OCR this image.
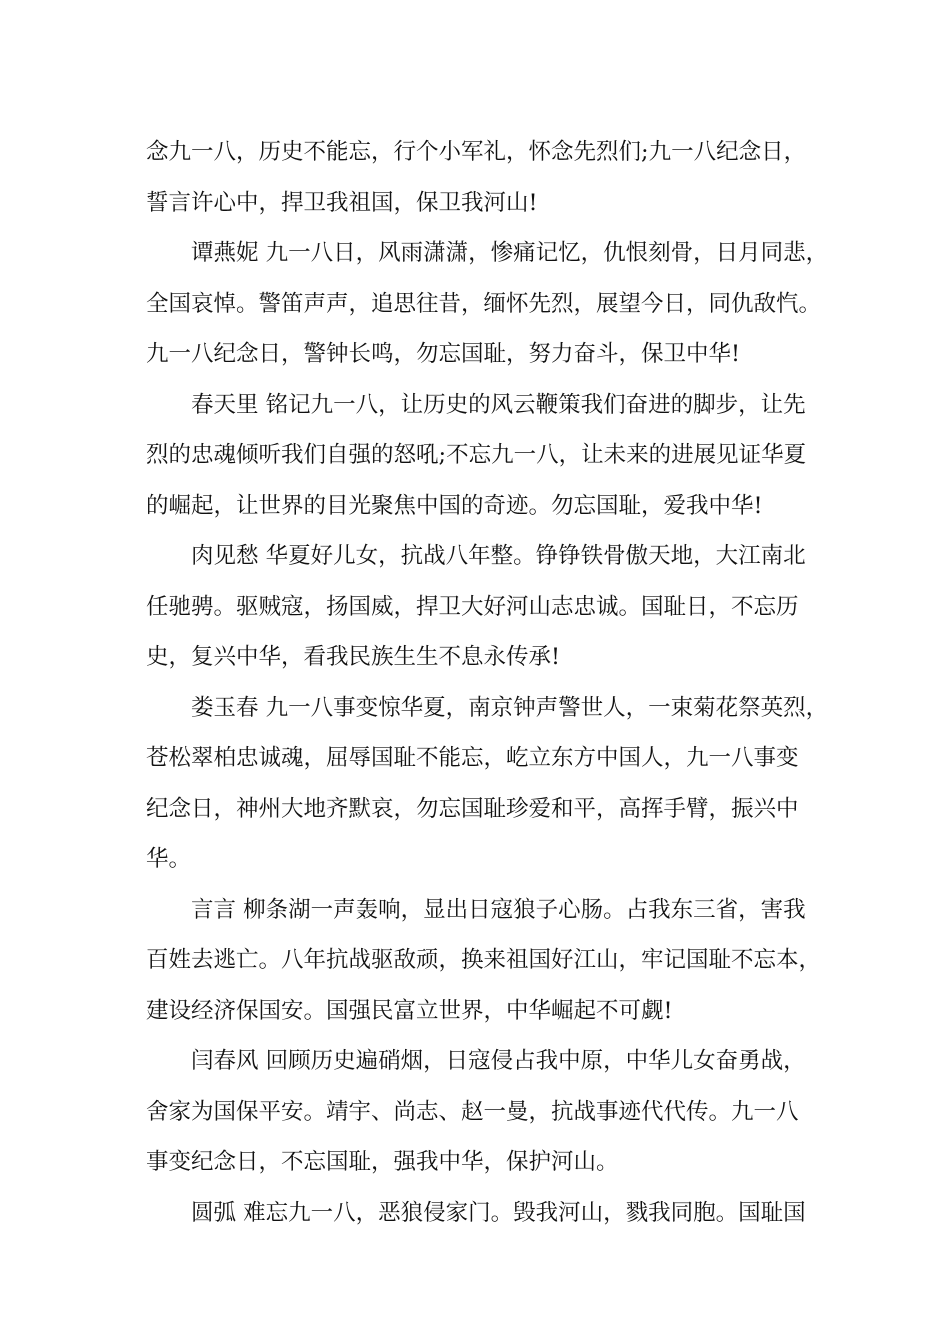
念九一八，历史不能忘，行个小军礼，怀念先烈们;九一八纪念日，
誓言许心中，捍卫我祖国，保卫我河山!
谭燕妮 九一八日，风雨潇潇，惨痛记忆，仇恨刻骨，日月同悲，
全国哀悼。警笛声声，追思往昔，缅怀先烈，展望今日，同仇敌忾。
九一八纪念日，警钟长鸣，勿忘国耻，努力奋斗，保卫中华!
春天里 铭记九一八，让历史的风云鞭策我们奋进的脚步，让先
烈的忠魂倾听我们自强的怒吼;不忘九一八，让未来的进展见证华夏
的崛起，让世界的目光聚焦中国的奇迹。勿忘国耻，爱我中华!
肉见愁 华夏好儿女，抗战八年整。铮铮铁骨傲天地，大江南北
任驰骋。驱贼寇，扬国威，捍卫大好河山志忠诚。国耻日，不忘历
史，复兴中华，看我民族生生不息永传承!
娄玉春 九一八事变惊华夏，南京钟声警世人，一束菊花祭英烈，
苍松翠柏忠诚魂，屈辱国耻不能忘，屹立东方中国人，九一八事变
纪念日，神州大地齐默哀，勿忘国耻珍爱和平，高挥手臂，振兴中
华。
言言 柳条湖一声轰响，显出日寇狼子心肠。占我东三省，害我
百姓去逃亡。八年抗战驱敌顽，换来祖国好江山，牢记国耻不忘本，
建设经济保国安。国强民富立世界，中华崛起不可觑!
闫春风 回顾历史遍硝烟，日寇侵占我中原，中华儿女奋勇战，
舍家为国保平安。靖宇、尚志、赵一曼，抗战事迹代代传。九一八
事变纪念日，不忘国耻，强我中华，保护河山。
圆弧 难忘九一八，恶狼侵家门。毁我河山，戮我同胞。国耻国
